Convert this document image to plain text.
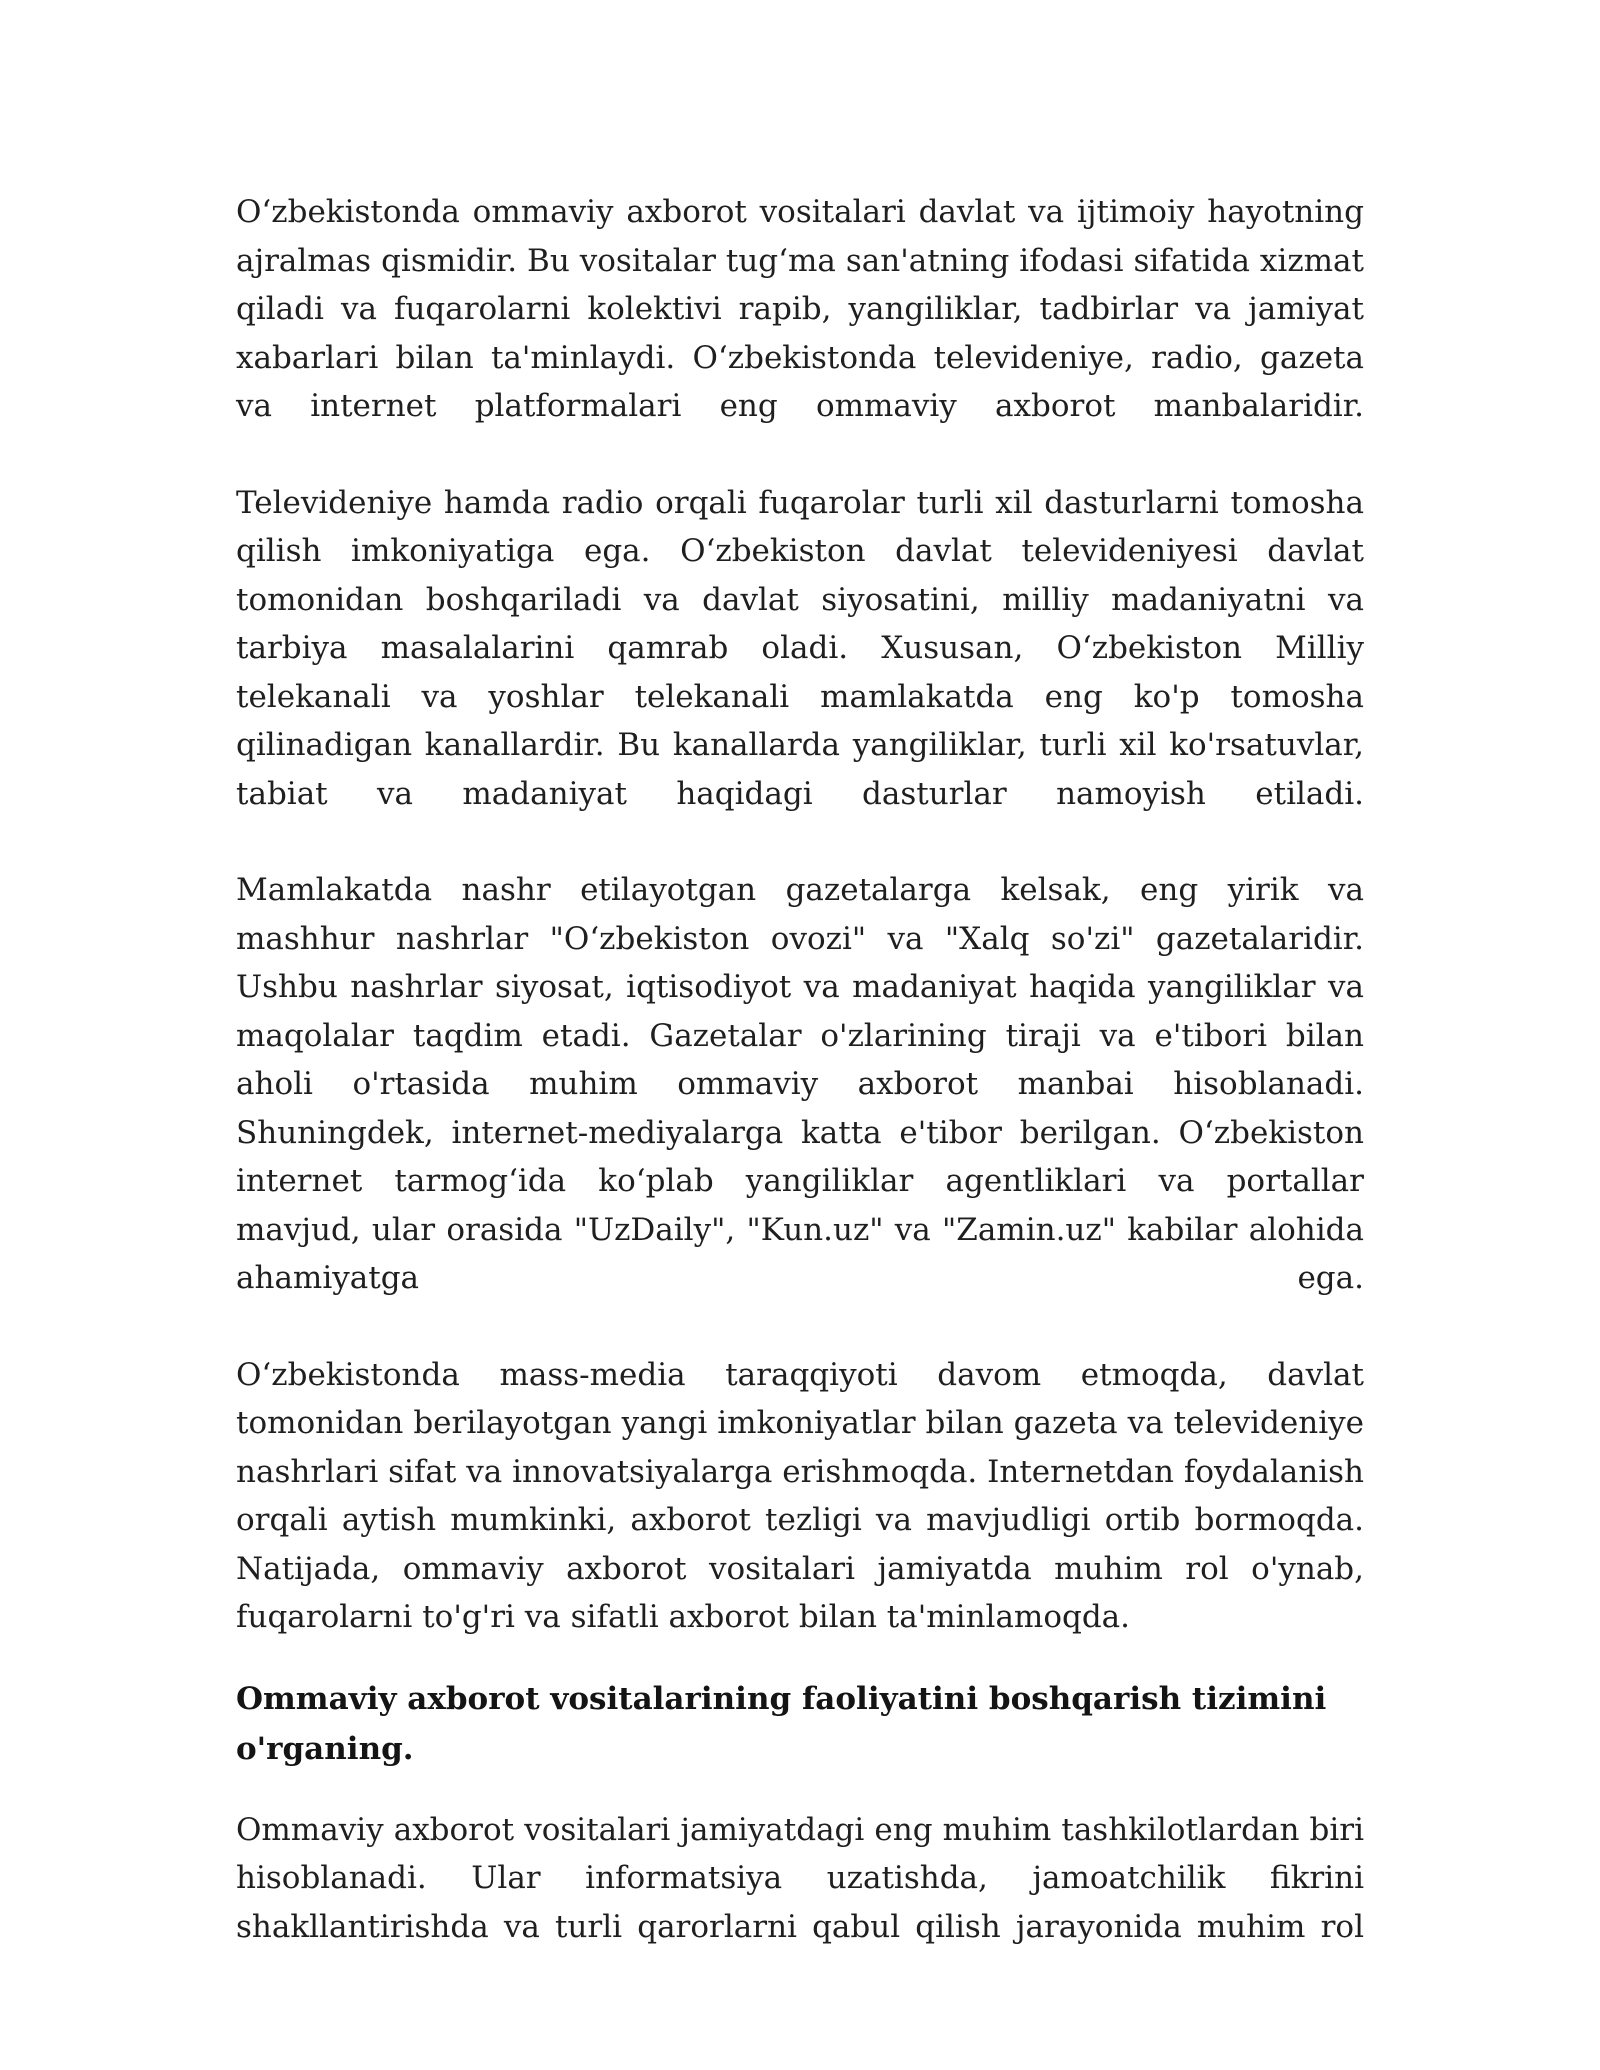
Oʻzbekistonda ommaviy axborot vositalari davlat va ijtimoiy hayotning ajralmas qismidir. Bu vositalar tugʻma san'atning ifodasi sifatida xizmat qiladi va fuqarolarni kolektivi rapib, yangiliklar, tadbirlar va jamiyat xabarlari bilan ta'minlaydi. Oʻzbekistonda televideniye, radio, gazeta va internet platformalari eng ommaviy axborot manbalaridir.

Televideniye hamda radio orqali fuqarolar turli xil dasturlarni tomosha qilish imkoniyatiga ega. Oʻzbekiston davlat televideniyesi davlat tomonidan boshqariladi va davlat siyosatini, milliy madaniyatni va tarbiya masalalarini qamrab oladi. Xususan, Oʻzbekiston Milliy telekanali va yoshlar telekanali mamlakatda eng ko'p tomosha qilinadigan kanallardir. Bu kanallarda yangiliklar, turli xil ko'rsatuvlar, tabiat va madaniyat haqidagi dasturlar namoyish etiladi.

Mamlakatda nashr etilayotgan gazetalarga kelsak, eng yirik va mashhur nashrlar "Oʻzbekiston ovozi" va "Xalq so'zi" gazetalaridir. Ushbu nashrlar siyosat, iqtisodiyot va madaniyat haqida yangiliklar va maqolalar taqdim etadi. Gazetalar o'zlarining tiraji va e'tibori bilan aholi o'rtasida muhim ommaviy axborot manbai hisoblanadi. Shuningdek, internet-mediyalarga katta e'tibor berilgan. Oʻzbekiston internet tarmogʻida koʻplab yangiliklar agentliklari va portallar mavjud, ular orasida "UzDaily", "Kun.uz" va "Zamin.uz" kabilar alohida ahamiyatga ega.

Oʻzbekistonda mass-media taraqqiyoti davom etmoqda, davlat tomonidan berilayotgan yangi imkoniyatlar bilan gazeta va televideniye nashrlari sifat va innovatsiyalarga erishmoqda. Internetdan foydalanish orqali aytish mumkinki, axborot tezligi va mavjudligi ortib bormoqda. Natijada, ommaviy axborot vositalari jamiyatda muhim rol o'ynab, fuqarolarni to'g'ri va sifatli axborot bilan ta'minlamoqda.

Ommaviy axborot vositalarining faoliyatini boshqarish tizimini o'rganing.

Ommaviy axborot vositalari jamiyatdagi eng muhim tashkilotlardan biri hisoblanadi. Ular informatsiya uzatishda, jamoatchilik fikrini shakllantirishda va turli qarorlarni qabul qilish jarayonida muhim rol
